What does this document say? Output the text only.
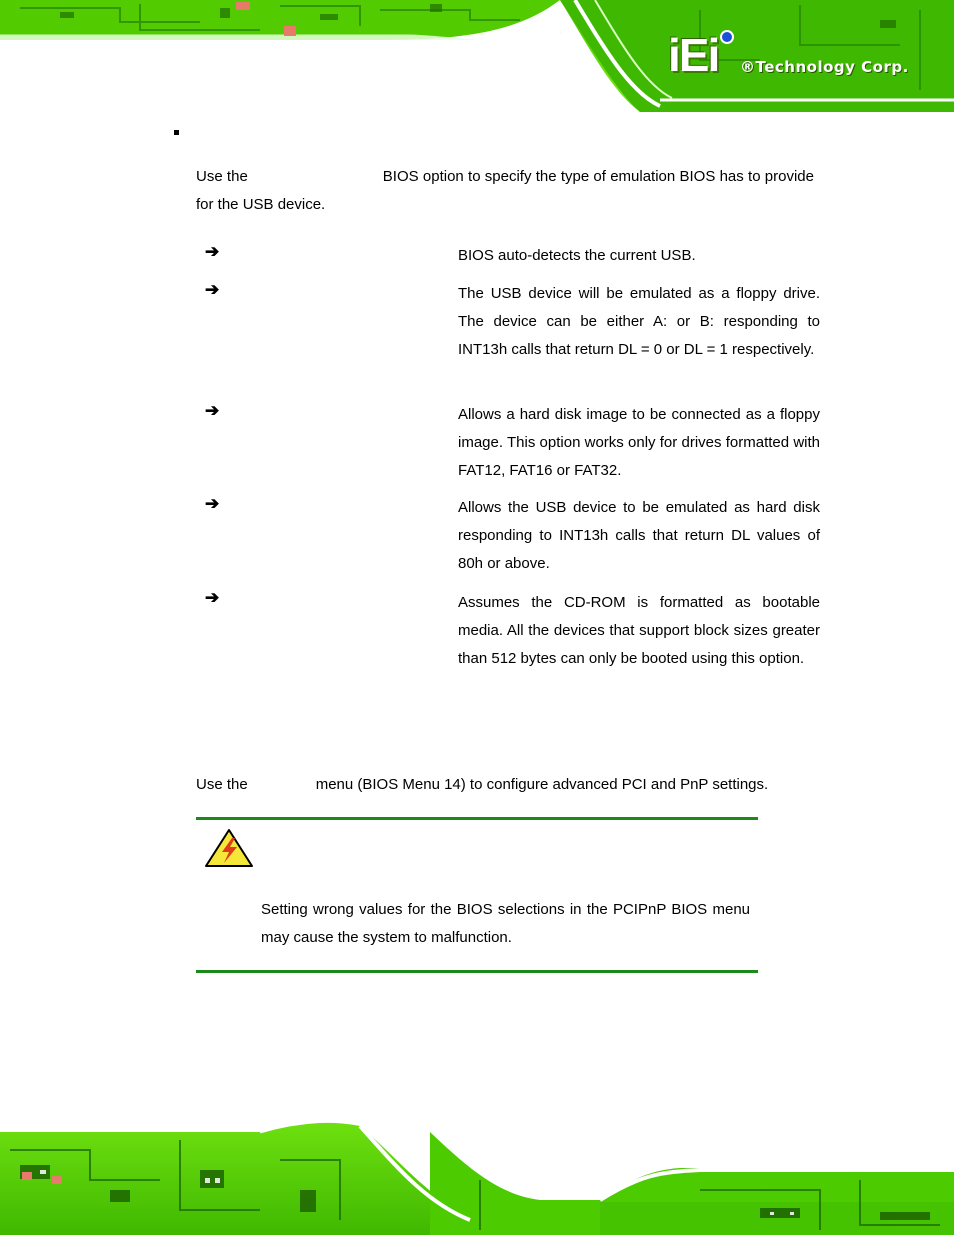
iEi ®Technology Corp.
Use the	BIOS option to specify the type of emulation BIOS has to provide for the USB device.
➔	BIOS auto-detects the current USB.
➔	The USB device will be emulated as a floppy drive. The device can be either A: or B: responding to INT13h calls that return DL = 0 or DL = 1 respectively.
➔	Allows a hard disk image to be connected as a floppy image. This option works only for drives formatted with FAT12, FAT16 or FAT32.
➔	Allows the USB device to be emulated as hard disk responding to INT13h calls that return DL values of 80h or above.
➔	Assumes the CD-ROM is formatted as bootable media. All the devices that support block sizes greater than 512 bytes can only be booted using this option.
Use the	menu (BIOS Menu 14) to configure advanced PCI and PnP settings.
Setting wrong values for the BIOS selections in the PCIPnP BIOS menu may cause the system to malfunction.
